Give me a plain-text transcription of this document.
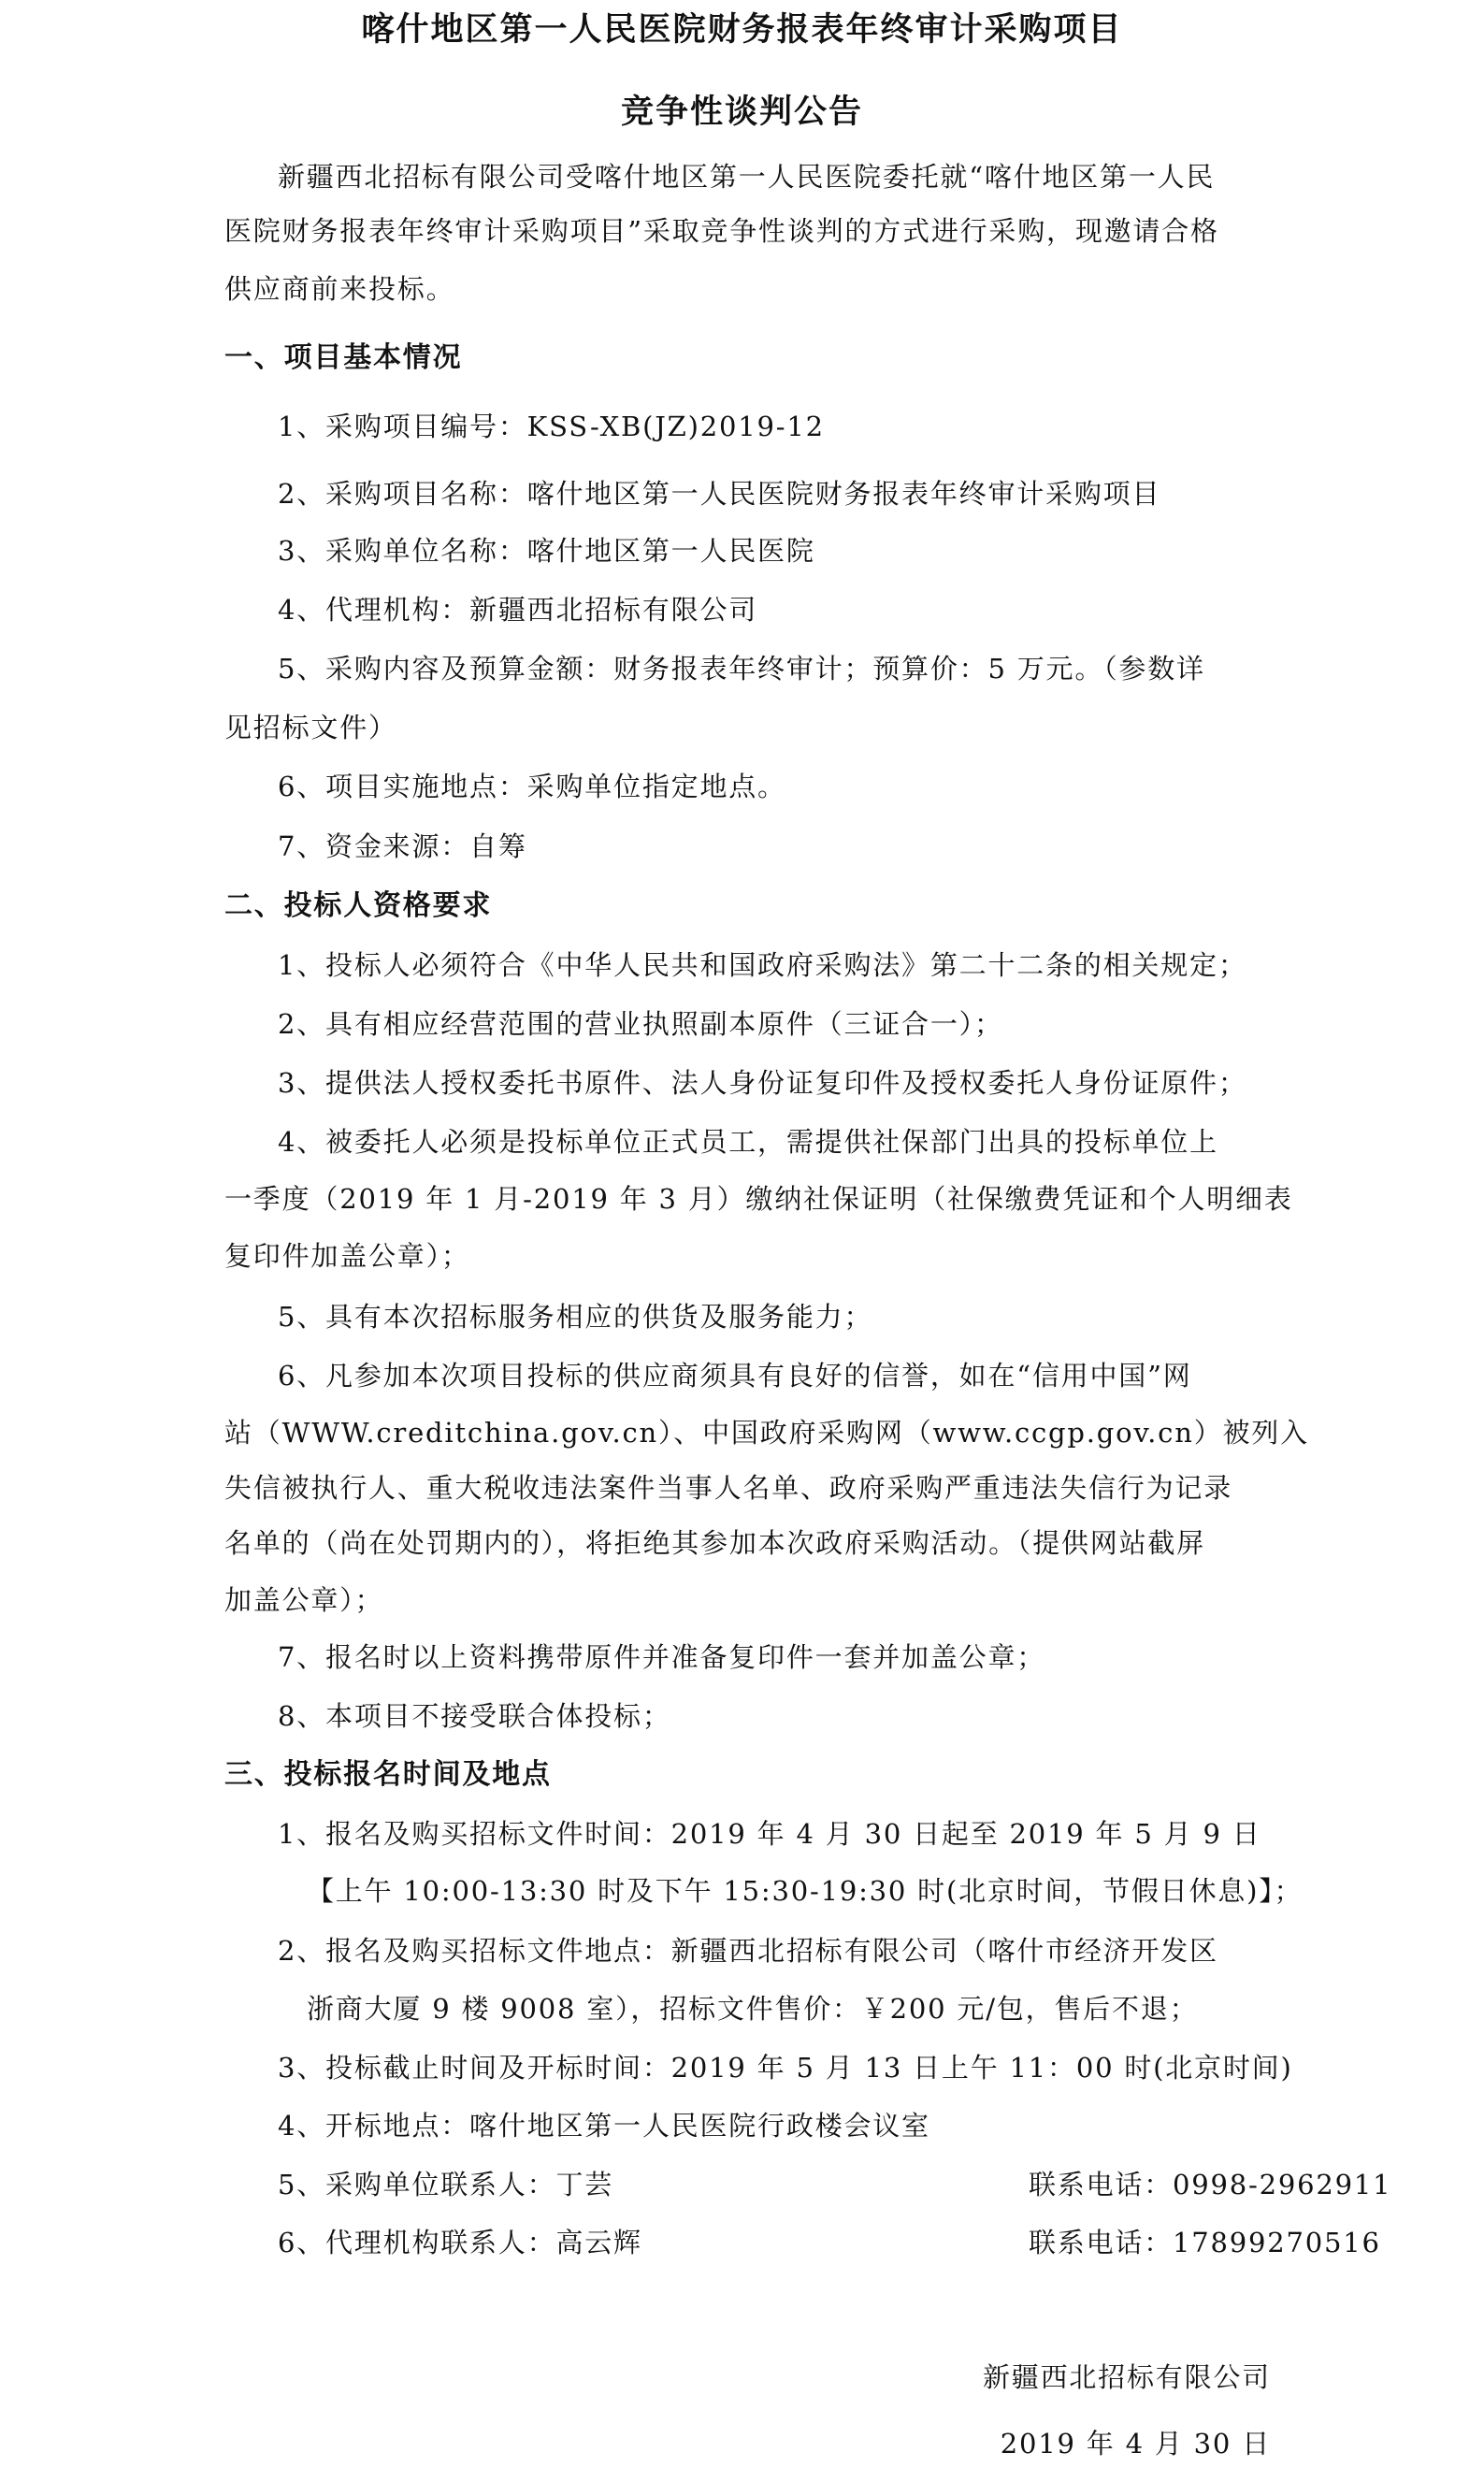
喀什地区第一人民医院财务报表年终审计采购项目
竞争性谈判公告
新疆西北招标有限公司受喀什地区第一人民医院委托就“喀什地区第一人民
医院财务报表年终审计采购项目”采取竞争性谈判的方式进行采购，现邀请合格
供应商前来投标。
一、项目基本情况
1、采购项目编号：KSS-XB(JZ)2019-12
2、采购项目名称：喀什地区第一人民医院财务报表年终审计采购项目
3、采购单位名称：喀什地区第一人民医院
4、代理机构：新疆西北招标有限公司
5、采购内容及预算金额：财务报表年终审计；预算价：5 万元。（参数详
见招标文件）
6、项目实施地点：采购单位指定地点。
7、资金来源：自筹
二、投标人资格要求
1、投标人必须符合《中华人民共和国政府采购法》第二十二条的相关规定；
2、具有相应经营范围的营业执照副本原件（三证合一）；
3、提供法人授权委托书原件、法人身份证复印件及授权委托人身份证原件；
4、被委托人必须是投标单位正式员工，需提供社保部门出具的投标单位上
一季度（2019 年 1 月-2019 年 3 月）缴纳社保证明（社保缴费凭证和个人明细表
复印件加盖公章）；
5、具有本次招标服务相应的供货及服务能力；
6、凡参加本次项目投标的供应商须具有良好的信誉，如在“信用中国”网
站（WWW.creditchina.gov.cn）、中国政府采购网（www.ccgp.gov.cn）被列入
失信被执行人、重大税收违法案件当事人名单、政府采购严重违法失信行为记录
名单的（尚在处罚期内的），将拒绝其参加本次政府采购活动。（提供网站截屏
加盖公章）；
7、报名时以上资料携带原件并准备复印件一套并加盖公章；
8、本项目不接受联合体投标；
三、投标报名时间及地点
1、报名及购买招标文件时间：2019 年 4 月 30 日起至 2019 年 5 月 9 日
【上午 10:00-13:30 时及下午 15:30-19:30 时(北京时间，节假日休息)】；
2、报名及购买招标文件地点：新疆西北招标有限公司（喀什市经济开发区
浙商大厦 9 楼 9008 室），招标文件售价：￥200 元/包，售后不退；
3、投标截止时间及开标时间：2019 年 5 月 13 日上午 11：00 时(北京时间)
4、开标地点：喀什地区第一人民医院行政楼会议室
5、采购单位联系人：丁芸	联系电话：0998-2962911
6、代理机构联系人：高云辉	联系电话：17899270516
新疆西北招标有限公司
2019 年 4 月 30 日
